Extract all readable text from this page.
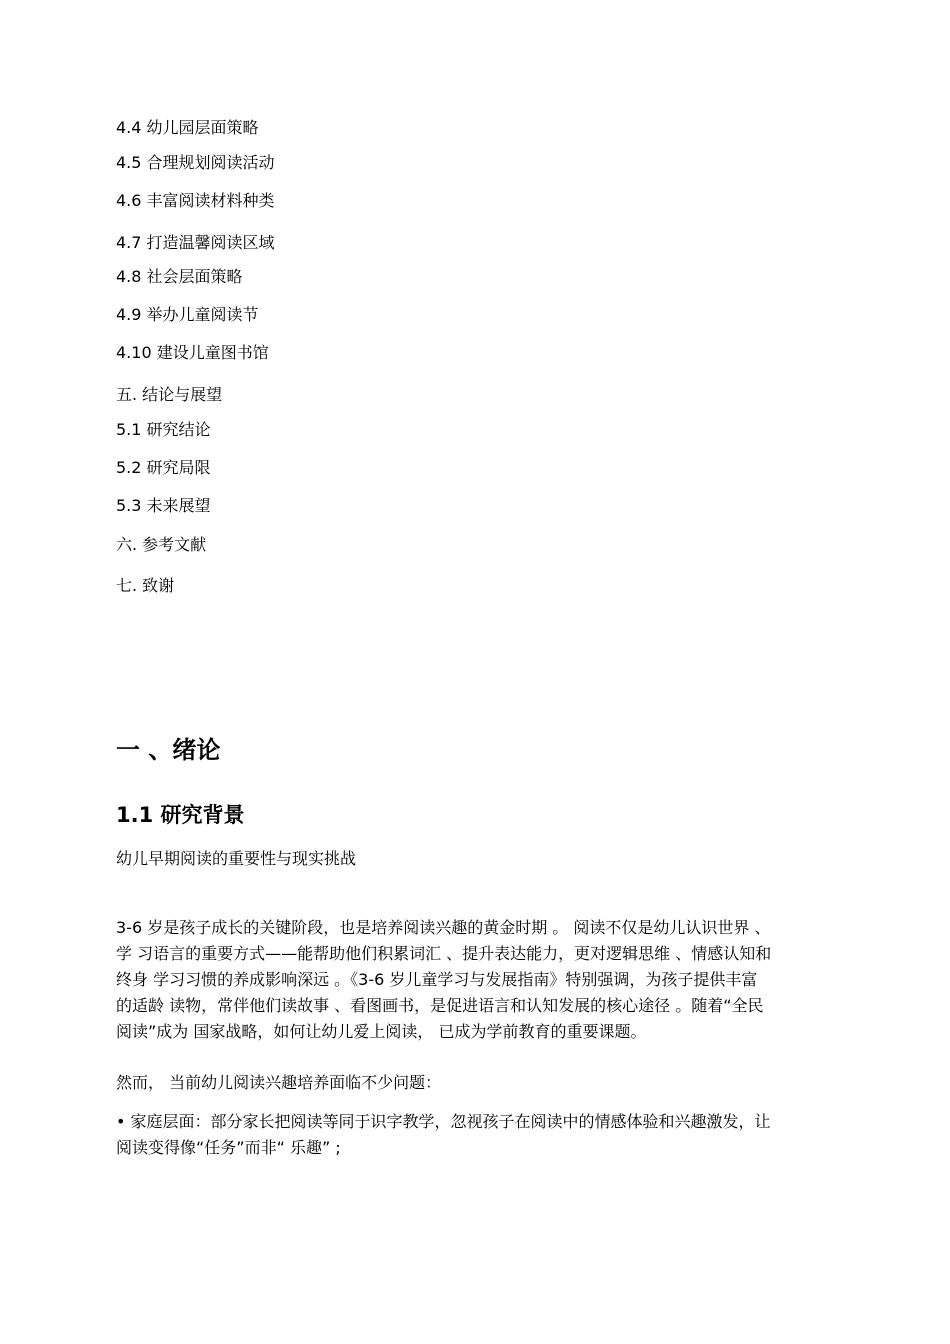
4.4 幼儿园层面策略
4.5 合理规划阅读活动
4.6 丰富阅读材料种类
4.7 打造温馨阅读区域
4.8 社会层面策略
4.9 举办儿童阅读节
4.10 建设儿童图书馆
五. 结论与展望
5.1 研究结论
5.2 研究局限
5.3 未来展望
六. 参考文献
七. 致谢
一 、绪论
1.1 研究背景
幼儿早期阅读的重要性与现实挑战

3-6 岁是孩子成长的关键阶段，也是培养阅读兴趣的黄金时期 。 阅读不仅是幼儿认识世界 、
学 习语言的重要方式——能帮助他们积累词汇 、提升表达能力，更对逻辑思维 、情感认知和
终身 学习习惯的养成影响深远 。《3-6 岁儿童学习与发展指南》特别强调，为孩子提供丰富
的适龄 读物，常伴他们读故事 、看图画书，是促进语言和认知发展的核心途径 。随着“全民
阅读”成为 国家战略，如何让幼儿爱上阅读， 已成为学前教育的重要课题。

然而， 当前幼儿阅读兴趣培养面临不少问题：

• 家庭层面：部分家长把阅读等同于识字教学，忽视孩子在阅读中的情感体验和兴趣激发，让
阅读变得像“任务”而非“ 乐趣” ;
